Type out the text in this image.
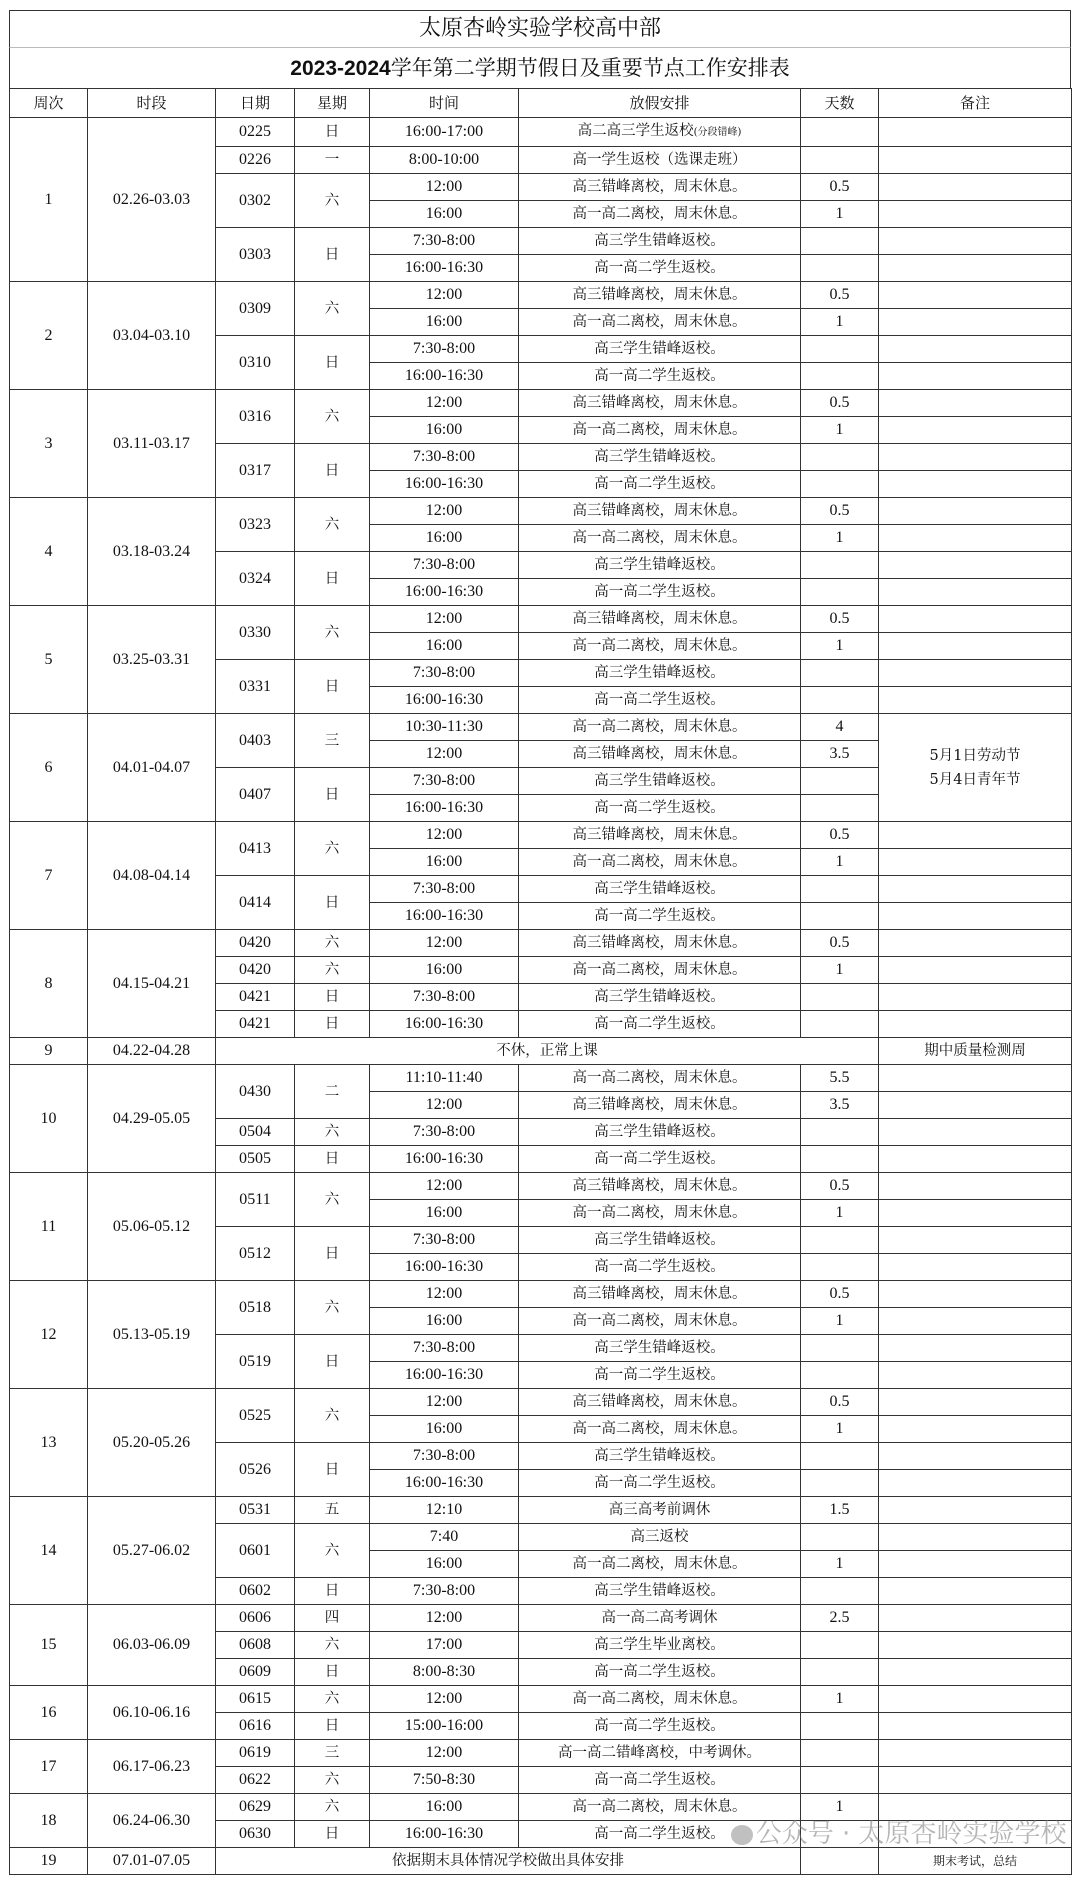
太原杏岭实验学校高中部
2023-2024学年第二学期节假日及重要节点工作安排表
周次	时段	日期	星期	时间	放假安排	天数	备注
1	02.26-03.03	0225	日	16:00-17:00	高二高三学生返校(分段错峰)		
		0226	一	8:00-10:00	高一学生返校（选课走班）		
		0302	六	12:00	高三错峰离校，周末休息。	0.5	
				16:00	高一高二离校，周末休息。	1	
		0303	日	7:30-8:00	高三学生错峰返校。		
				16:00-16:30	高一高二学生返校。		
2	03.04-03.10	0309	六	12:00	高三错峰离校，周末休息。	0.5	
				16:00	高一高二离校，周末休息。	1	
		0310	日	7:30-8:00	高三学生错峰返校。		
				16:00-16:30	高一高二学生返校。		
3	03.11-03.17	0316	六	12:00	高三错峰离校，周末休息。	0.5	
				16:00	高一高二离校，周末休息。	1	
		0317	日	7:30-8:00	高三学生错峰返校。		
				16:00-16:30	高一高二学生返校。		
4	03.18-03.24	0323	六	12:00	高三错峰离校，周末休息。	0.5	
				16:00	高一高二离校，周末休息。	1	
		0324	日	7:30-8:00	高三学生错峰返校。		
				16:00-16:30	高一高二学生返校。		
5	03.25-03.31	0330	六	12:00	高三错峰离校，周末休息。	0.5	
				16:00	高一高二离校，周末休息。	1	
		0331	日	7:30-8:00	高三学生错峰返校。		
				16:00-16:30	高一高二学生返校。		
6	04.01-04.07	0403	三	10:30-11:30	高一高二离校，周末休息。	4	5月1日劳动节
5月4日青年节

				12:00	高三错峰离校，周末休息。	3.5	
		0407	日	7:30-8:00	高三学生错峰返校。		
				16:00-16:30	高一高二学生返校。		
7	04.08-04.14	0413	六	12:00	高三错峰离校，周末休息。	0.5	
				16:00	高一高二离校，周末休息。	1	
		0414	日	7:30-8:00	高三学生错峰返校。		
				16:00-16:30	高一高二学生返校。		
8	04.15-04.21	0420	六	12:00	高三错峰离校，周末休息。	0.5	
		0420	六	16:00	高一高二离校，周末休息。	1	
		0421	日	7:30-8:00	高三学生错峰返校。		
		0421	日	16:00-16:30	高一高二学生返校。		
9	04.22-04.28	不休，正常上课					期中质量检测周
10	04.29-05.05	0430	二	11:10-11:40	高一高二离校，周末休息。	5.5	
				12:00	高三错峰离校，周末休息。	3.5	
		0504	六	7:30-8:00	高三学生错峰返校。		
		0505	日	16:00-16:30	高一高二学生返校。		
11	05.06-05.12	0511	六	12:00	高三错峰离校，周末休息。	0.5	
				16:00	高一高二离校，周末休息。	1	
		0512	日	7:30-8:00	高三学生错峰返校。		
				16:00-16:30	高一高二学生返校。		
12	05.13-05.19	0518	六	12:00	高三错峰离校，周末休息。	0.5	
				16:00	高一高二离校，周末休息。	1	
		0519	日	7:30-8:00	高三学生错峰返校。		
				16:00-16:30	高一高二学生返校。		
13	05.20-05.26	0525	六	12:00	高三错峰离校，周末休息。	0.5	
				16:00	高一高二离校，周末休息。	1	
		0526	日	7:30-8:00	高三学生错峰返校。		
				16:00-16:30	高一高二学生返校。		
14	05.27-06.02	0531	五	12:10	高三高考前调休	1.5	
		0601	六	7:40	高三返校		
				16:00	高一高二离校，周末休息。	1	
		0602	日	7:30-8:00	高三学生错峰返校。		
15	06.03-06.09	0606	四	12:00	高一高二高考调休	2.5	
		0608	六	17:00	高三学生毕业离校。		
		0609	日	8:00-8:30	高一高二学生返校。		
16	06.10-06.16	0615	六	12:00	高一高二离校，周末休息。	1	
		0616	日	15:00-16:00	高一高二学生返校。		
17	06.17-06.23	0619	三	12:00	高一高二错峰离校，中考调休。		
		0622	六	7:50-8:30	高一高二学生返校。		
18	06.24-06.30	0629	六	16:00	高一高二离校，周末休息。	1	
		0630	日	16:00-16:30	高一高二学生返校。		
19	07.01-07.05	依据期末具体情况学校做出具体安排					期末考试，总结
公众号 · 太原杏岭实验学校
